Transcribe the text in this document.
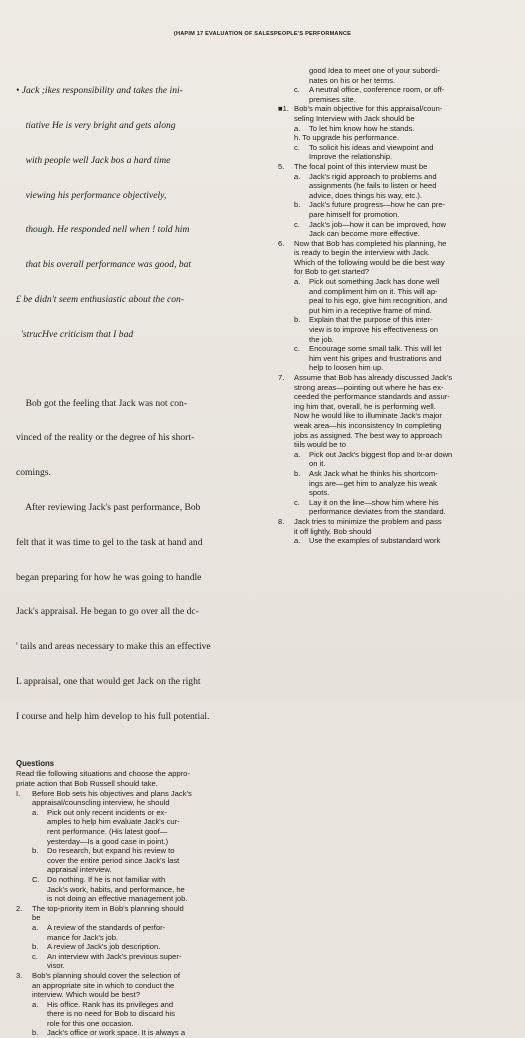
(HAPIM 17 EVALUATION OF SALESPEOPLE'S PERFORMANCE

• Jack ;ikes responsibility and takes the ini-

tiative He is very bright and gets along

with people well Jack bos a hard time

viewing his performance objectively,

though. He responded nell when ! told him

that bis overall performance was good, bat

£ be didn't seem enthusiastic about the con-

'strucHve criticism that I bad

Bob got the feeling that Jack was not con-

vinced of the reality or the degree of his short-

comings.

After reviewing Jack's past performance, Bob

felt that it was time to gel to the task at hand and

began preparing for how he was going to handle

Jack's appraisal. He began to go over all the dc-

' tails and areas necessary to make this an effective

L appraisal, one that would get Jack on the right

I course and help him develop to his full potential.

Questions
Read tlie following situations and choose the appro-
priate action that Bob Russell should take.
I.	Before Bob sets his objectives and plans Jack's
appraisal/counscling interview, he should
a.	Pick out only recent incidents or ex-
amples to help him evaluate Jack's cur-
rent performance. (His latest goof—
yesterday—Is a good case in point.)
b.	Do research, but expand his review to
cover the entire period since Jack's last
appraisal interview.
C. Do nothing. If he is not familiar with
Jack's work, habits, and performance, he
is not doing an effective management job.
2.	The top-priority item in Bob's planning should
be
a.	A review of the standards of perfor-
mance for Jack's job.
b.	A review of Jack's job description.
c.	An interview with Jack's previous super-
visor.
3.	Bob's planning should cover the selection of
an appropriate site in which to conduct the
interview. Which would be best?
a.	His office. Rank has its privileges and
there is no need for Bob to discard his
role for this one occasion.
b.	Jack's office or work space. It is always a
good Idea to meet one of your subordi-
nates on his or her terms.
c.	A neutral office, conference room, or off-
premises site.
■1. Bob's main objective for this appraisal/coun-
seling Interview with Jack should be
a.	To let him know how he stands.
h. To upgrade his performance.
c.	To solicit his ideas and viewpoint and
Improve the relationship.
5.	The focal point of this interview must be
a.	Jack's rigid approach to problems and
assignments (he fails to listen or heed
advice, does things his way, etc.).
b.	Jack's future progress—how he can pre-
pare himself for promotion.
c.	Jack's job—how it can be improved, how
Jack can become more effective.
6.	Now that Bob has completed his planning, he
is ready to begin the interview with Jack.
Which of the following would be die best way
for Bob to get started?
a.	Pick out something Jack has done well
and compliment him on it. This will ap-
peal to his ego, give him recognition, and
put him in a receptive frame of mind.
b.	Explain that the purpose of this inter-
view is to improve his effectiveness on
the job.
c.	Encourage some small talk. This will let
him vent his gripes and frustrations and
help to loosen him up.
7.	Assume that Bob has already discussed Jack's
strong areas—pointing out where he has ex-
ceeded the performance standards and assur-
ing him that, overall, he is performing well.
Now he would like to illuminate Jack's major
weak area—his inconsistency In completing
jobs as assigned. The best way to approach
tiils would be to
a.	Pick out Jack's biggest flop and Ix-ar down
on it.
b.	Ask Jack what he thinks his shortcom-
ings are—get him to analyze his weak
spots.
c.	Lay it on the line—show him where his
performance deviates from the standard.
8.	Jack tries to minimize the problem and pass
it off lightly. Bob should
a.	Use the examples of substandard work
